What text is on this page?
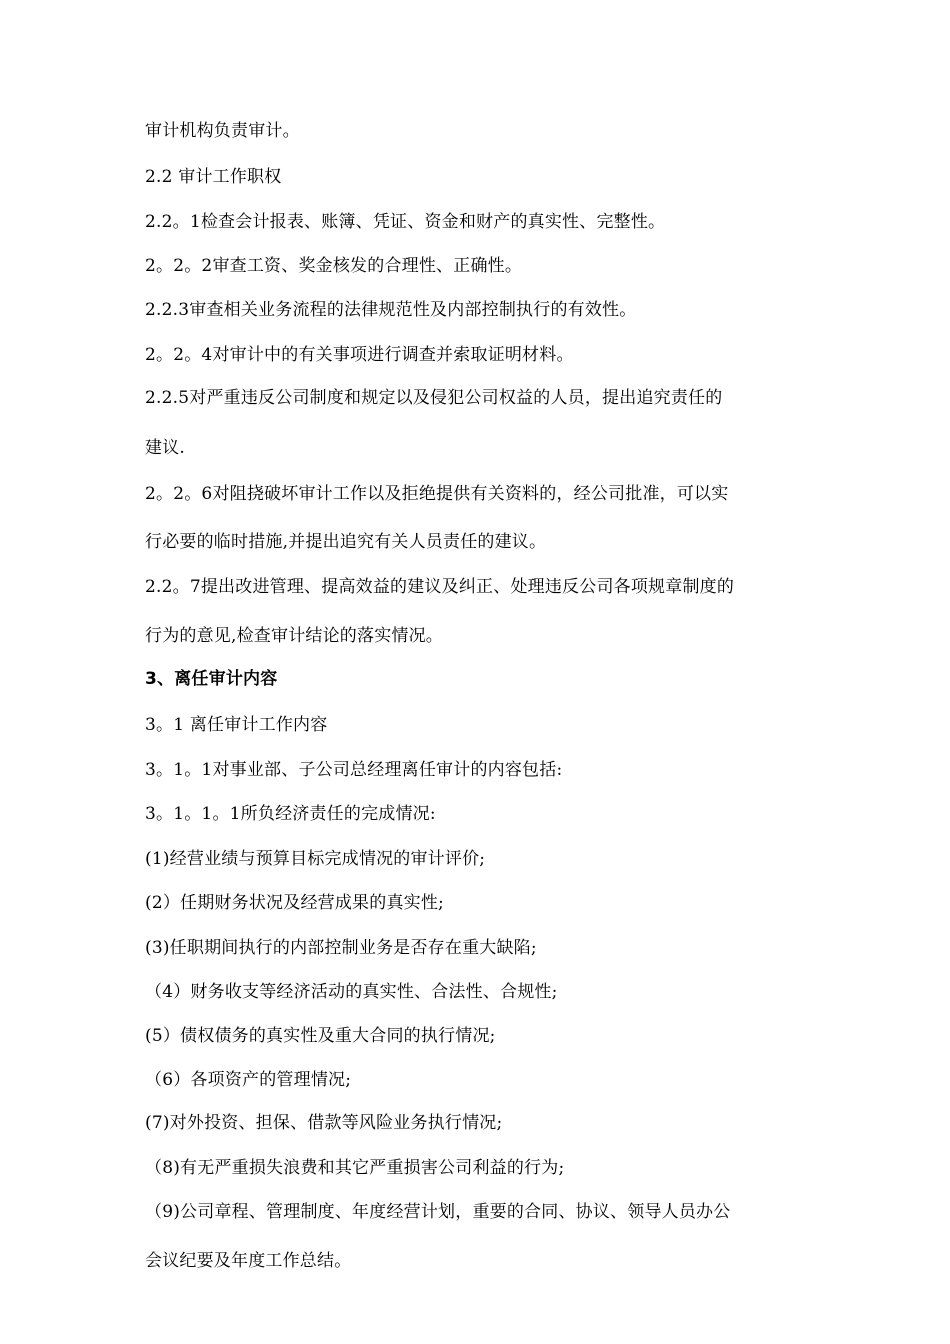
审计机构负责审计。
2.2 审计工作职权
2.2。1检查会计报表、账簿、凭证、资金和财产的真实性、完整性。
2。2。2审查工资、奖金核发的合理性、正确性。
2.2.3审查相关业务流程的法律规范性及内部控制执行的有效性。
2。2。4对审计中的有关事项进行调查并索取证明材料。
2.2.5对严重违反公司制度和规定以及侵犯公司权益的人员，提出追究责任的
建议.
2。2。6对阻挠破坏审计工作以及拒绝提供有关资料的，经公司批准，可以实
行必要的临时措施,并提出追究有关人员责任的建议。
2.2。7提出改进管理、提高效益的建议及纠正、处理违反公司各项规章制度的
行为的意见,检查审计结论的落实情况。
3、离任审计内容
3。1 离任审计工作内容
3。1。1对事业部、子公司总经理离任审计的内容包括:
3。1。1。1所负经济责任的完成情况:
(1)经营业绩与预算目标完成情况的审计评价;
(2）任期财务状况及经营成果的真实性;
(3)任职期间执行的内部控制业务是否存在重大缺陷;
（4）财务收支等经济活动的真实性、合法性、合规性;
(5）债权债务的真实性及重大合同的执行情况;
（6）各项资产的管理情况;
(7)对外投资、担保、借款等风险业务执行情况;
（8)有无严重损失浪费和其它严重损害公司利益的行为;
（9)公司章程、管理制度、年度经营计划，重要的合同、协议、领导人员办公
会议纪要及年度工作总结。
